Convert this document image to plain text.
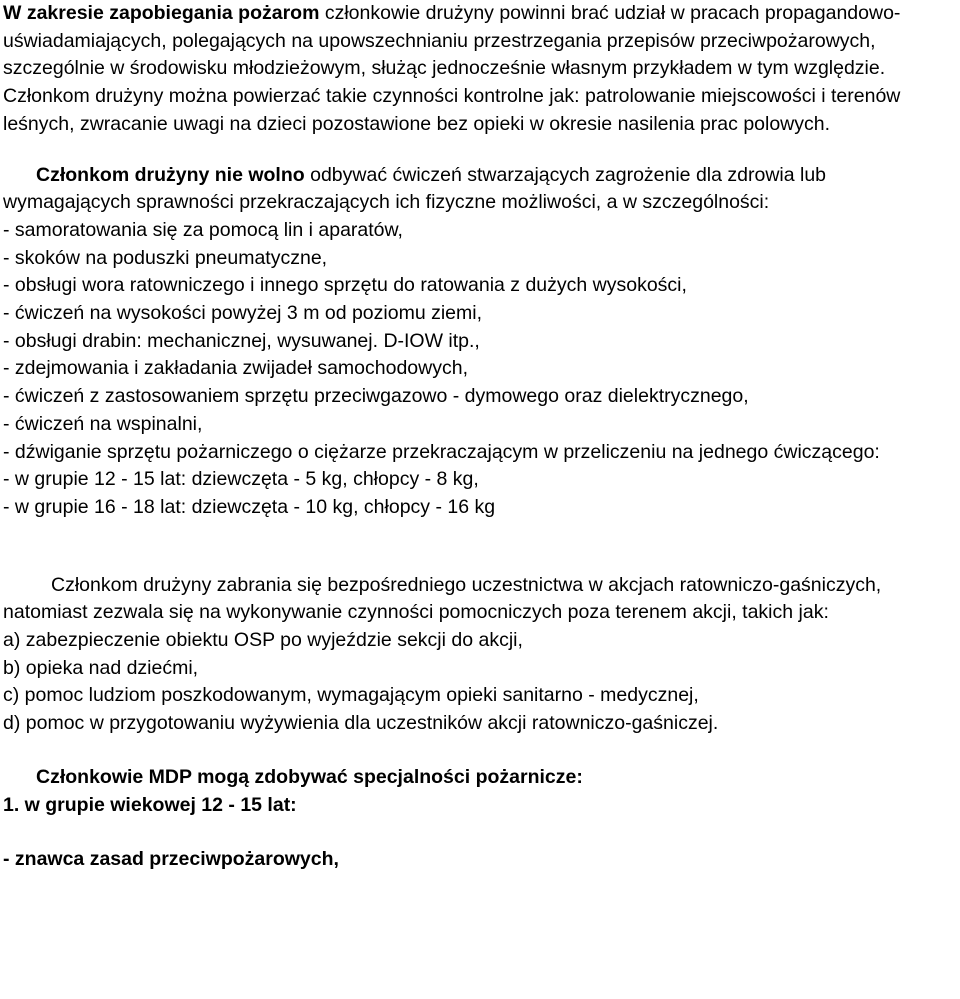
W zakresie zapobiegania pożarom członkowie drużyny powinni brać udział w pracach propagandowo-uświadamiających, polegających na upowszechnianiu przestrzegania przepisów przeciwpożarowych, szczególnie w środowisku młodzieżowym, służąc jednocześnie własnym przykładem w tym względzie. Członkom drużyny można powierzać takie czynności kontrolne jak: patrolowanie miejscowości i terenów leśnych, zwracanie uwagi na dzieci pozostawione bez opieki w okresie nasilenia prac polowych.

Członkom drużyny nie wolno odbywać ćwiczeń stwarzających zagrożenie dla zdrowia lub wymagających sprawności przekraczających ich fizyczne możliwości, a w szczególności:

- samoratowania się za pomocą lin i aparatów,

- skoków na poduszki pneumatyczne,

- obsługi wora ratowniczego i innego sprzętu do ratowania z dużych wysokości,

- ćwiczeń na wysokości powyżej 3 m od poziomu ziemi,

- obsługi drabin: mechanicznej, wysuwanej. D-IOW itp.,

- zdejmowania i zakładania zwijadeł samochodowych,

- ćwiczeń z zastosowaniem sprzętu przeciwgazowo - dymowego oraz dielektrycznego,

- ćwiczeń na wspinalni,

- dźwiganie sprzętu pożarniczego o ciężarze przekraczającym w przeliczeniu na jednego ćwiczącego:

- w grupie 12 - 15 lat: dziewczęta - 5 kg, chłopcy - 8 kg,

- w grupie 16 - 18 lat: dziewczęta - 10 kg, chłopcy - 16 kg

Członkom drużyny zabrania się bezpośredniego uczestnictwa w akcjach ratowniczo-gaśniczych, natomiast zezwala się na wykonywanie czynności pomocniczych poza terenem akcji, takich jak:

a) zabezpieczenie obiektu OSP po wyjeździe sekcji do akcji,

b) opieka nad dziećmi,

c) pomoc ludziom poszkodowanym, wymagającym opieki sanitarno - medycznej,

d) pomoc w przygotowaniu wyżywienia dla uczestników akcji ratowniczo-gaśniczej.

Członkowie MDP mogą zdobywać specjalności pożarnicze:

1. w grupie wiekowej 12 - 15 lat:

- znawca zasad przeciwpożarowych,
